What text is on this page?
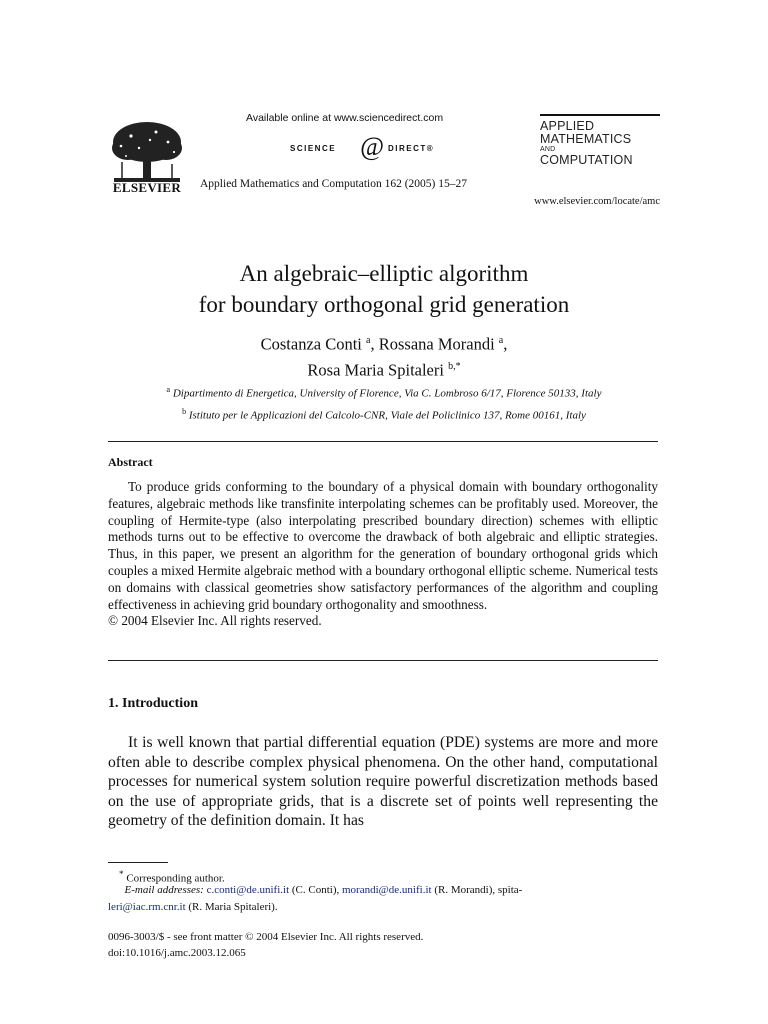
ELSEVIER
Available online at www.sciencedirect.com
SCIENCE @ DIRECT®
Applied Mathematics and Computation 162 (2005) 15–27
APPLIED
MATHEMATICS
AND
COMPUTATION
www.elsevier.com/locate/amc
An algebraic–elliptic algorithm
for boundary orthogonal grid generation
Costanza Conti $^a$, Rossana Morandi $^a$,
Rosa Maria Spitaleri $^{b,*}$
$^a$ Dipartimento di Energetica, University of Florence, Via C. Lombroso 6/17, Florence 50133, Italy
$^b$ Istituto per le Applicazioni del Calcolo-CNR, Viale del Policlinico 137, Rome 00161, Italy
Abstract

To produce grids conforming to the boundary of a physical domain with boundary orthogonality features, algebraic methods like transfinite interpolating schemes can be profitably used. Moreover, the coupling of Hermite-type (also interpolating prescribed boundary direction) schemes with elliptic methods turns out to be effective to overcome the drawback of both algebraic and elliptic strategies. Thus, in this paper, we present an algorithm for the generation of boundary orthogonal grids which couples a mixed Hermite algebraic method with a boundary orthogonal elliptic scheme. Numerical tests on domains with classical geometries show satisfactory performances of the algorithm and coupling effectiveness in achieving grid boundary orthogonality and smoothness.

© 2004 Elsevier Inc. All rights reserved.
1. Introduction

It is well known that partial differential equation (PDE) systems are more and more often able to describe complex physical phenomena. On the other hand, computational processes for numerical system solution require powerful discretization methods based on the use of appropriate grids, that is a discrete set of points well representing the geometry of the definition domain. It has

* Corresponding author.
E-mail addresses: c.conti@de.unifi.it (C. Conti), morandi@de.unifi.it (R. Morandi), spita-
leri@iac.rm.cnr.it (R. Maria Spitaleri).
0096-3003/$ - see front matter © 2004 Elsevier Inc. All rights reserved.
doi:10.1016/j.amc.2003.12.065
